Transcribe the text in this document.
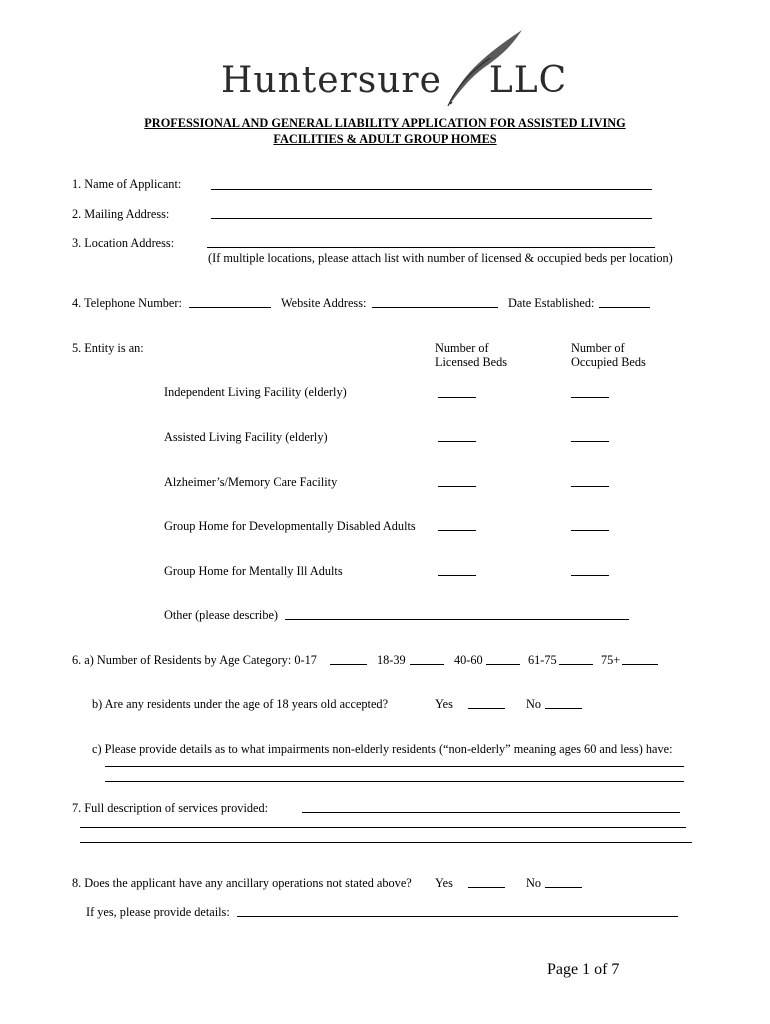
Huntersure LLC
PROFESSIONAL AND GENERAL LIABILITY APPLICATION FOR ASSISTED LIVING
FACILITIES & ADULT GROUP HOMES
1. Name of Applicant:
2. Mailing Address:
3. Location Address:
(If multiple locations, please attach list with number of licensed & occupied beds per location)
4. Telephone Number:	Website Address:	Date Established:
5. Entity is an:	Number of
Licensed Beds
Number of
Occupied Beds
Independent Living Facility (elderly)
Assisted Living Facility (elderly)
Alzheimer’s/Memory Care Facility
Group Home for Developmentally Disabled Adults
Group Home for Mentally Ill Adults
Other (please describe)
6. a) Number of Residents by Age Category: 0-17	18-39	40-60	61-75	75+
b) Are any residents under the age of 18 years old accepted?	Yes	No
c) Please provide details as to what impairments non-elderly residents (“non-elderly” meaning ages 60 and less) have:
7. Full description of services provided:
8. Does the applicant have any ancillary operations not stated above? Yes	No
If yes, please provide details:
Page 1 of 7
